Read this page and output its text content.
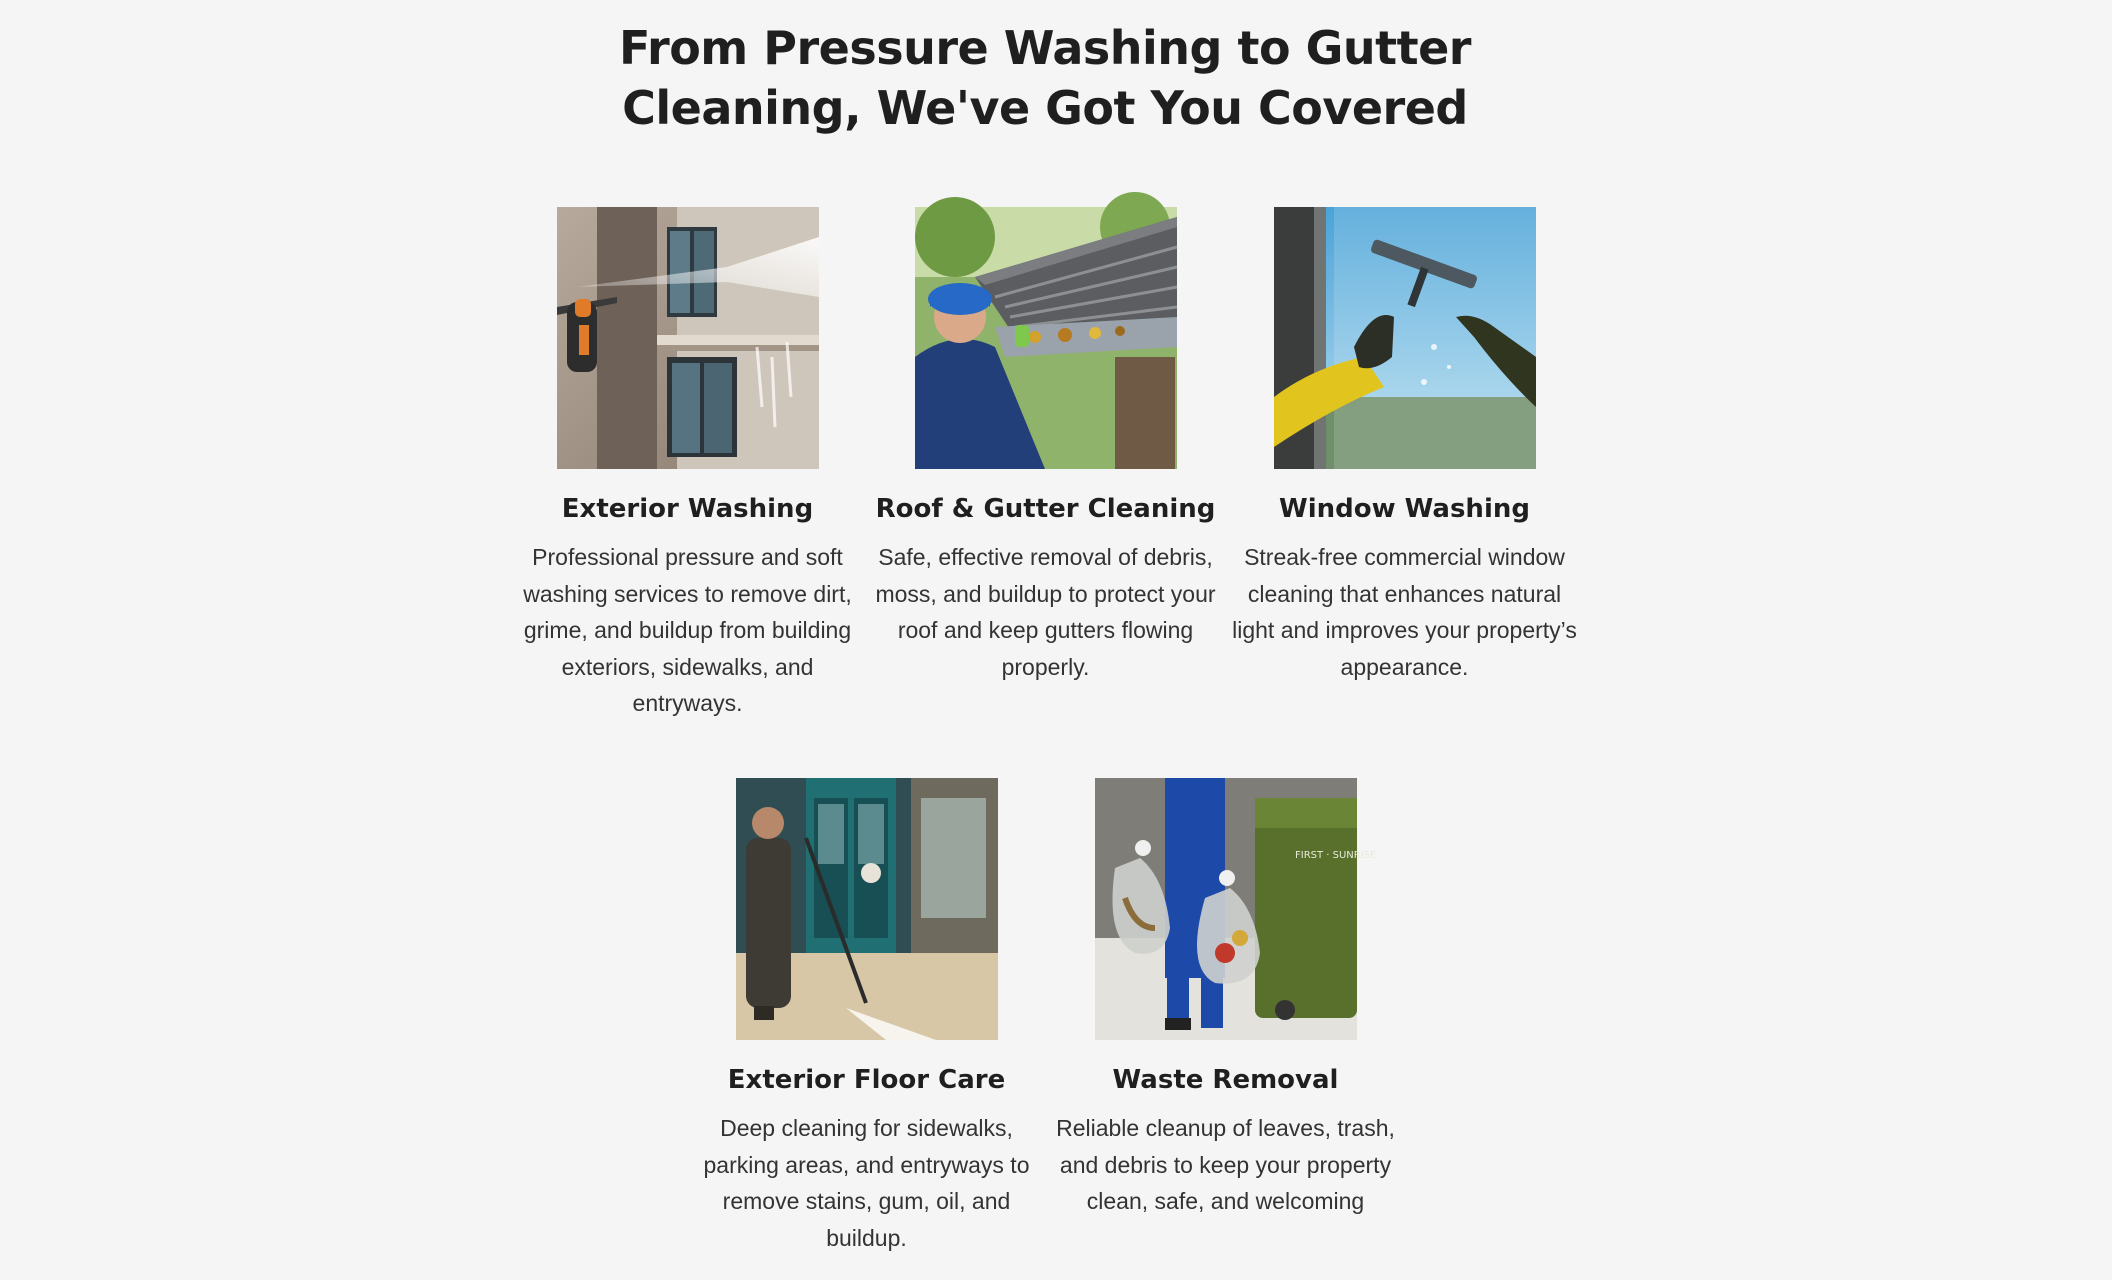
From Pressure Washing to Gutter
Cleaning, We've Got You Covered
Exterior Washing
Professional pressure and soft washing services to remove dirt, grime, and buildup from building exteriors, sidewalks, and entryways.
Roof & Gutter Cleaning
Safe, effective removal of debris, moss, and buildup to protect your roof and keep gutters flowing properly.
Window Washing
Streak-free commercial window cleaning that enhances natural light and improves your property’s appearance.
Exterior Floor Care
Deep cleaning for sidewalks, parking areas, and entryways to remove stains, gum, oil, and buildup.
FIRST · SUNRISE
Waste Removal
Reliable cleanup of leaves, trash, and debris to keep your property clean, safe, and welcoming
